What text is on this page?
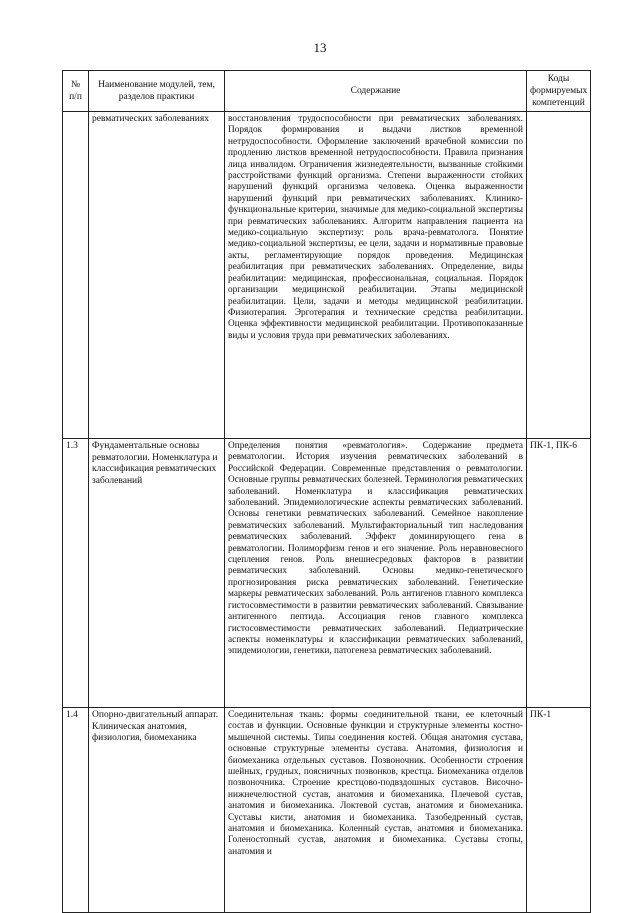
13
№ п/п	Наименование модулей, тем, разделов практики	Содержание	Коды формируемых компетенций
	ревматических заболеваниях	восстановления трудоспособности при ревматических заболеваниях. Порядок формирования и выдачи листков временной нетрудоспособности. Оформление заключений врачебной комиссии по продлению листков временной нетрудоспособности. Правила признания лица инвалидом. Ограничения жизнедеятельности, вызванные стойкими расстройствами функций организма. Степени выраженности стойких нарушений функций организма человека. Оценка выраженности нарушений функций при ревматических заболеваниях. Клинико-функциональные критерии, значимые для медико-социальной экспертизы при ревматических заболеваниях. Алгоритм направления пациента на медико-социальную экспертизу: роль врача-ревматолога. Понятие медико-социальной экспертизы, ее цели, задачи и нормативные правовые акты, регламентирующие порядок проведения. Медицинская реабилитация при ревматических заболеваниях. Определение, виды реабилитации: медицинская, профессиональная, социальная. Порядок организации медицинской реабилитации. Этапы медицинской реабилитации. Цели, задачи и методы медицинской реабилитации. Физиотерапия. Эрготерапия и технические средства реабилитации. Оценка эффективности медицинской реабилитации. Противопоказанные виды и условия труда при ревматических заболеваниях.	
1.3	Фундаментальные основы ревматологии. Номенклатура и классификация ревматических заболеваний	Определения понятия «ревматология». Содержание предмета ревматологии. История изучения ревматических заболеваний в Российской Федерации. Современные представления о ревматологии. Основные группы ревматических болезней. Терминология ревматических заболеваний. Номенклатура и классификация ревматических заболеваний. Эпидемиологические аспекты ревматических заболеваний. Основы генетики ревматических заболеваний. Семейное накопление ревматических заболеваний. Мультифакториальный тип наследования ревматических заболеваний. Эффект доминирующего гена в ревматологии. Полиморфизм генов и его значение. Роль неравновесного сцепления генов. Роль внешнесредовых факторов в развитии ревматических заболеваний. Основы медико-генетического прогнозирования риска ревматических заболеваний. Генетические маркеры ревматических заболеваний. Роль антигенов главного комплекса гистосовместимости в развитии ревматических заболеваний. Связывание антигенного пептида. Ассоциация генов главного комплекса гистосовместимости ревматических заболеваний. Педиатрические аспекты номенклатуры и классификации ревматических заболеваний, эпидемиологии, генетики, патогенеза ревматических заболеваний.	ПК-1, ПК-6
1.4	Опорно-двигательный аппарат. Клиническая анатомия, физиология, биомеханика	Соединительная ткань: формы соединительной ткани, ее клеточный состав и функции. Основные функции и структурные элементы костно-мышечной системы. Типы соединения костей. Общая анатомия сустава, основные структурные элементы сустава. Анатомия, физиология и биомеханика отдельных суставов. Позвоночник. Особенности строения шейных, грудных, поясничных позвонков, крестца. Биомеханика отделов позвоночника. Строение крестцово-подвздошных суставов. Височно-нижнечелюстной сустав, анатомия и биомеханика. Плечевой сустав, анатомия и биомеханика. Локтевой сустав, анатомия и биомеханика. Суставы кисти, анатомия и биомеханика. Тазобедренный сустав, анатомия и биомеханика. Коленный сустав, анатомия и биомеханика. Голеностопный сустав, анатомия и биомеханика. Суставы стопы, анатомия и	ПК-1
